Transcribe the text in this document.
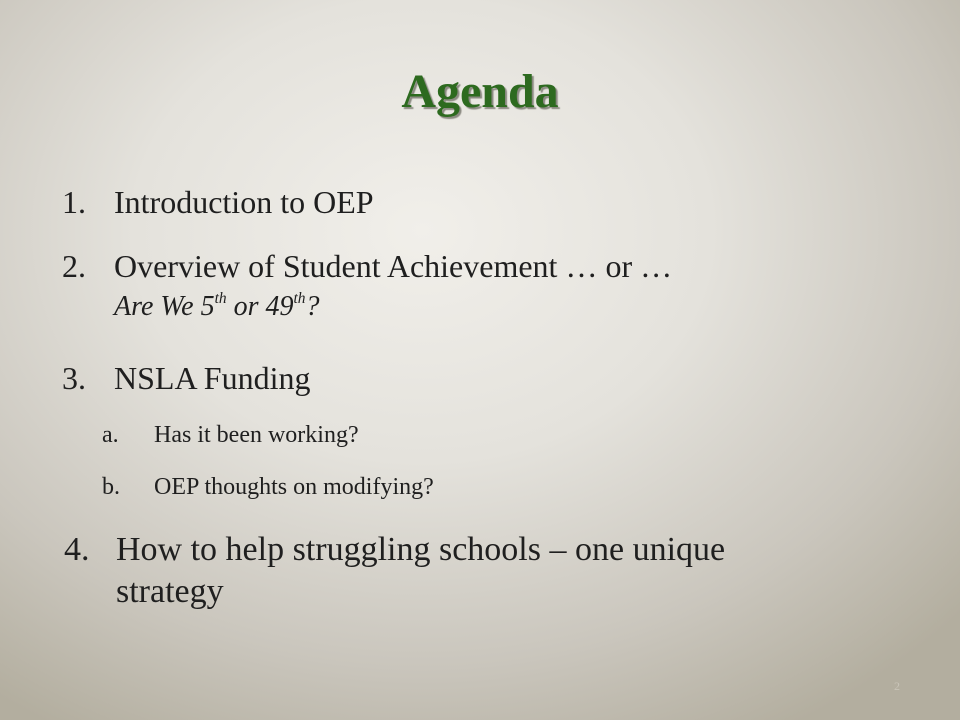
Agenda
1. Introduction to OEP
2. Overview of Student Achievement … or …
Are We 5th or 49th?
3. NSLA Funding
a. Has it been working?
b. OEP thoughts on modifying?
4. How to help struggling schools – one unique
strategy
2
